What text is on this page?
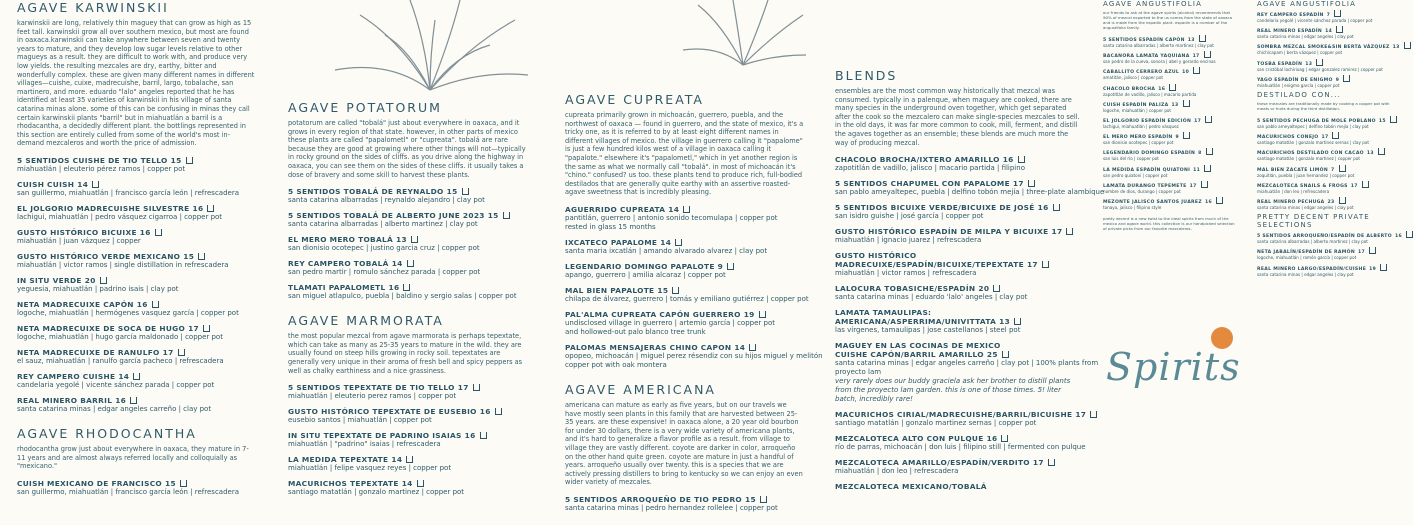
AGAVE KARWINSKII

karwinskii are long, relatively thin maguey that can grow as high as 15 feet tall. karwinskii grow all over southern mexico, but most are found in oaxaca.karwinskii can take anywhere between seven and twenty years to mature, and they develop low sugar levels relative to other magueys as a result. they are difficult to work with, and produce very low yields. the resulting mezcales are dry, earthy, bitter and wonderfully complex. these are given many different names in different villages—cuishe, cuixe, madrecuishe, barril, largo, tobalache, san martinero, and more. eduardo "lalo" angeles reported that he has identified at least 35 varieties of karwinskii in his village of santa catarina minas alone. some of this can be confusing in minas they call certain karwinskii plants "barril" but in miahuatlán a barril is a rhodacantha, a decidedly different plant. the bottlings represented in this section are entirely culled from some of the world's most in-demand mezcaleros and worth the price of admission.

5 SENTIDOS CUISHE DE TIO TELLO 15
miahuatlán | eleuterio pérez ramos | copper pot
CUISH CUISH 14
san guillermo, miahuatlán | francisco garcía león | refrescadera
EL JOLGORIO MADRECUISHE SILVESTRE 16
lachigui, miahuatlán | pedro vásquez cigarroa | copper pot
GUSTO HISTÓRICO BICUIXE 16
miahuatlán | juan vázquez | copper
GUSTO HISTÓRICO VERDE MEXICANO 15
miahuatlán | victor ramos | single distillation in refrescadera
IN SITU VERDE 20
yeguesia, miahuatlán | padrino isais | clay pot
NETA MADRECUIXE CAPÓN 16
logoche, miahuatlán | hermógenes vasquez garcía | copper pot
NETA MADRECUIXE DE SOCA DE HUGO 17
logoche, miahuatlán | hugo garcía maldonado | copper pot
NETA MADRECUIXE DE RANULFO 17
el sauz, miahuatlán | ranulfo garcía pacheco | refrescadera
REY CAMPERO CUISHE 14
candelaria yegolé | vicente sánchez parada | copper pot
REAL MINERO BARRIL 16
santa catarina minas | edgar angeles carreño | clay pot
AGAVE RHODOCANTHA

rhodocantha grow just about everywhere in oaxaca, they mature in 7-11 years and are almost always referred locally and colloquially as "mexicano."

CUISH MEXICANO DE FRANCISCO 15
san guillermo, miahuatlán | francisco garcía león | refrescadera
AGAVE POTATORUM

potatorum are called "tobalá" just about everywhere in oaxaca, and it grows in every region of that state. however, in other parts of mexico these plants are called "papalometl" or "cupreata". tobalá are rare because they are good at growing where other things will not—typically in rocky ground on the sides of cliffs. as you drive along the highway in oaxaca, you can see them on the sides of these cliffs. it usually takes a dose of bravery and some skill to harvest these plants.

5 SENTIDOS TOBALÁ DE REYNALDO 15
santa catarina albarradas | reynaldo alejandro | clay pot
5 SENTIDOS TOBALÁ DE ALBERTO JUNE 2023 15
santa catarina albarradas | alberto martinez | clay pot
EL MERO MERO TOBALÁ 13
san dionisio ocotepec | justino garcia cruz | copper pot
REY CAMPERO TOBALÁ 14
san pedro martir | romulo sánchez parada | copper pot
TLAMATI PAPALOMETL 16
san miguel atlapulco, puebla | baldino y sergio salas | copper pot
AGAVE MARMORATA

the most popular mezcal from agave marmorata is perhaps tepextate, which can take as many as 25-35 years to mature in the wild. they are usually found on steep hills growing in rocky soil. tepextates are generally very unique in their aroma of fresh bell and spicy peppers as well as chalky earthiness and a nice grassiness.

5 SENTIDOS TEPEXTATE DE TIO TELLO 17
miahuatlán | eleuterio perez ramos | copper pot
GUSTO HISTÓRICO TEPEXTATE DE EUSEBIO 16
eusebio santos | miahuatlán | copper pot
IN SITU TEPEXTATE DE PADRINO ISAIAS 16
miahuatlán | "padrino" isaias | refrescadera
LA MEDIDA TEPEXTATE 14
miahuatlán | felipe vasquez reyes | copper pot
MACURICHOS TEPEXTATE 14
santiago matatlán | gonzalo martinez | copper pot
AGAVE CUPREATA

cupreata primarily grown in michoacán, guerrero, puebla, and the northwest of oaxaca — found in guerrero, and the state of mexico, it's a tricky one, as it is referred to by at least eight different names in different villages of mexico. the village in guerrero calling it "papalome" is just a few hundred kilos west of a village in oaxaca calling it "papalote." elsewhere it's "papalometl," which in yet another region is the same as what we normally call "tobalá". in most of michoacán it's "chino." confused? us too. these plants tend to produce rich, full-bodied destilados that are generally quite earthy with an assertive roasted-agave sweetness that is incredibly pleasing.

AGUERRIDO CUPREATA 14
pantitlán, guerrero | antonio sonido tecomulapa | copper pot
rested in glass 15 months
IXCATECO PAPALOME 14
santa maria ixcatlán | amando alvarado alvarez | clay pot
LEGENDARIO DOMINGO PAPALOTE 9
apango, guerrero | amilia alcaraz | copper pot
MAL BIEN PAPALOTE 15
chilapa de álvarez, guerrero | tomás y emiliano gutiérrez | copper pot
PAL'ALMA CUPREATA CAPÓN GUERRERO 19
undisclosed village in guerrero | artemio garcía | copper pot
and hollowed-out palo blanco tree trunk
PALOMAS MENSAJERAS CHINO CAPON 14
opopeo, michoacán | miguel perez résendiz con su hijos miguel y melitón
copper pot with oak montera
AGAVE AMERICANA

americana can mature as early as five years, but on our travels we have mostly seen plants in this family that are harvested between 25-35 years. are these expensive! in oaxaca alone, a 20 year old bourbon for under 30 dollars, there is a very wide variety of americana plants, and it's hard to generalize a flavor profile as a result. from village to village they are vastly different. coyote are darker in color, arroqueño on the other hand quite green. coyote are mature in just a handful of years. arroqueño usually over twenty. this is a species that we are actively pressing distillers to bring to kentucky so we can enjoy an even wider variety of mezcales.

5 SENTIDOS ARROQUEÑO DE TIO PEDRO 15
santa catarina minas | pedro hernandez rollelee | copper pot
BLENDS

ensembles are the most common way historically that mezcal was consumed. typically in a palenque, when maguey are cooked, there are many species in the underground oven together, which get separated after the cook so the mezcalero can make single-species mezcales to sell. in the old days, it was far more common to cook, mill, ferment, and distill the agaves together as an ensemble; these blends are much more the way of producing mezcal.

CHACOLO BROCHA/IXTERO AMARILLO 16
zapotitlán de vadillo, jalisco | macario partida | filipino
5 SENTIDOS CHAPUMEL CON PAPALOME 17
san pablo ameyaltepec, puebla | delfino tobón mejía | three-plate alambique
5 SENTIDOS BICUIXE VERDE/BICUIXE DE JOSÉ 16
san isidro guishe | josé garcía | copper pot
GUSTO HISTÓRICO ESPADÍN DE MILPA Y BICUIXE 17
miahuatlán | ignacio juarez | refrescadera
GUSTO HISTÓRICO
MADRECUIXE/ESPADÍN/BICUIXE/TEPEXTATE 17
miahuatlán | victor ramos | refrescadera
LALOCURA TOBASICHE/ESPADÍN 20
santa catarina minas | eduardo 'lalo' angeles | clay pot
LAMATA TAMAULIPAS:
AMERICANA/ASPERRIMA/UNIVITTATA 13
las vírgenes, tamaulipas | jose castellanos | steel pot
MAGUEY EN LAS COCINAS DE MEXICO
CUISHE CAPÓN/BARRIL AMARILLO 25
santa catarina minas | edgar angeles carreño | clay pot | 100% plants from
proyecto lam
very rarely does our buddy graciela ask her brother to distill plants from the proyecto lam garden. this is one of those times. 5! liter batch, incredibly rare!
MACURICHOS CIRIAL/MADRECUISHE/BARRIL/BICUISHE 17
santiago matatlán | gonzalo martinez sernas | copper pot
MEZCALOTECA ALTO CON PULQUE 16
río de parras, michoacán | don luis | filipino still | fermented con pulque
MEZCALOTECA AMARILLO/ESPADÍN/VERDITO 17
miahuatlán | don leo | refrescadera
MEZCALOTECA MEXICANO/TOBALÁ
AGAVE ANGUSTIFOLIA
REY CAMPERO ESPADÍN 7
candelaria yegolé | vicente sánchez parada | copper pot
REAL MINERO ESPADÍN 14
santa catarina minas | edgar angeles | clay pot
SOMBRA MEZCAL SMOKE&SIN BERTA VÁZQUEZ 13
chichicapam | berta vázquez | copper pot
TOSBA ESPADÍN 13
san cristóbal lachirioag | edgar gonzalez ramirez | copper pot
YAGO ESPADÍN DE ENIGMO 9
miahuatlán | enigmo garcía | copper pot
DESTILADO CON...

these mezcales are traditionally made by cooking a copper pot with meats or fruits during the third distillation.

5 SENTIDOS PECHUGA DE MOLE POBLANO 15
san pablo ameyaltepec | delfino tobón mejía | clay pot
MACURICHOS CONEJO 17
santiago matatlán | gonzalo martinez sernas | clay pot
MACURICHOS DESTILADO CON CACAO 13
santiago matatlán | gonzalo martinez | copper pot
MAL BIEN ZACATE LIMÓN 7
zoquitlán, puebla | juan hernandez | copper pot
MEZCALOTECA SNAILS & FROGS 17
miahuatlán | don leo | refrescadera
REAL MINERO PECHUGA 23
santa catarina minas | edgar angeles | clay pot
PRETTY DECENT PRIVATE SELECTIONS
5 SENTIDOS ARROQUEÑO/ESPADÍN DE ALBERTO 16
santa catarina albarradas | alberto martinez | clay pot
NETA JABALÍN/ESPADÍN DE RAMÓN 17
logoche, miahuatlán | ramón garcía | copper pot
REAL MINERO LARGO/ESPADÍN/CUISHE 19
santa catarina minas | edgar angeles | clay pot
AGAVE ANGUSTIFOLIA

our friends to ask at the agave spirits (alcohol) recommends that 90% of mezcal exported to the us comes from the state of oaxaca and is made from the espadín plant. espadín is a number of the angustifolia family.

5 SENTIDOS ESPADÍN CAPÓN 13
santa catarina albarradas | alberto martinez | clay pot
BACANORA LAMATA YAQUIANA 17
san pedro de la cueva, sonora | abel y gerardo encinas
CABALLITO CERRERO AZUL 10
amatitán, jalisco | copper pot
CHACOLO BROCHA 16
zapotitlán de vadillo, jalisco | macario partida
CUISH ESPADÍN PALIZA 13
logoche, miahuatlán | copper pot
EL JOLGORIO ESPADÍN EDICIÓN 17
lachigui, miahuatlán | pedro vásquez
EL MERO MERO ESPADÍN 9
san dionisio ocotepec | copper pot
LEGENDARIO DOMINGO ESPADÍN 8
san luis del río | copper pot
LA MEDIDA ESPADÍN QUIATONI 11
san pedro quiatoni | copper pot
LAMATA DURANGO TEPEMETE 17
nombre de dios, durango | copper pot
MEZONTE JALISCO SANTOS JUAREZ 16
tonaya, jalisco | filipino style

pretty decent is a new twist to the ideal spirits from much of the mexico and agave world. this collection is our handpicked selection of private picks from our favorite mezcaleros.

Spirits
